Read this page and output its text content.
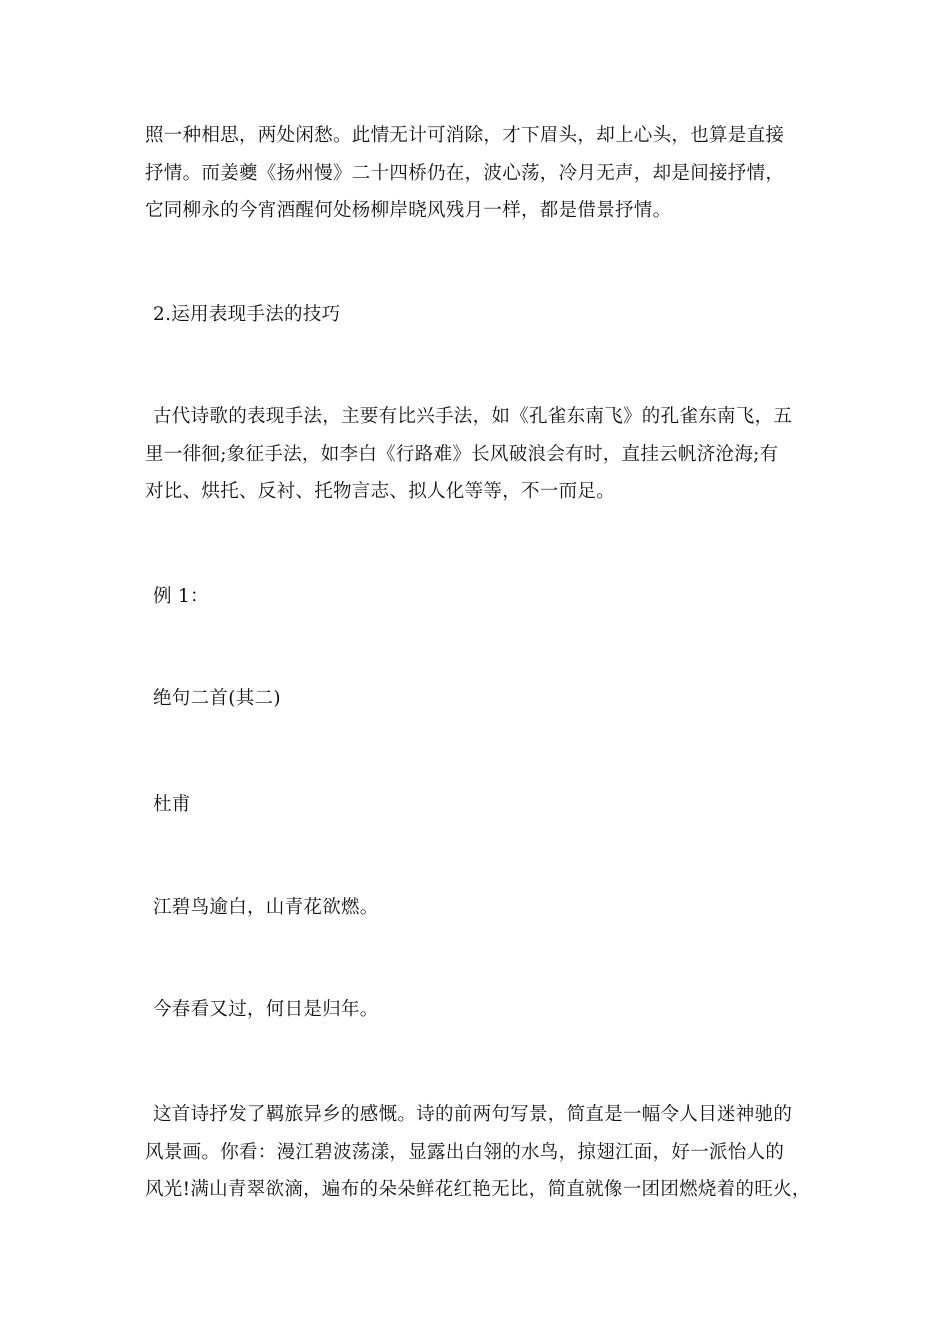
照一种相思，两处闲愁。此情无计可消除，才下眉头，却上心头，也算是直接
抒情。而姜夔《扬州慢》二十四桥仍在，波心荡，冷月无声，却是间接抒情，
它同柳永的今宵酒醒何处杨柳岸晓风残月一样，都是借景抒情。

2.运用表现手法的技巧

古代诗歌的表现手法，主要有比兴手法，如《孔雀东南飞》的孔雀东南飞，五
里一徘徊;象征手法，如李白《行路难》长风破浪会有时，直挂云帆济沧海;有
对比、烘托、反衬、托物言志、拟人化等等，不一而足。

例 1：

绝句二首(其二)

杜甫

江碧鸟逾白，山青花欲燃。

今春看又过，何日是归年。

这首诗抒发了羁旅异乡的感慨。诗的前两句写景，简直是一幅令人目迷神驰的
风景画。你看：漫江碧波荡漾，显露出白翎的水鸟，掠翅江面，好一派怡人的
风光!满山青翠欲滴，遍布的朵朵鲜花红艳无比，简直就像一团团燃烧着的旺火，
